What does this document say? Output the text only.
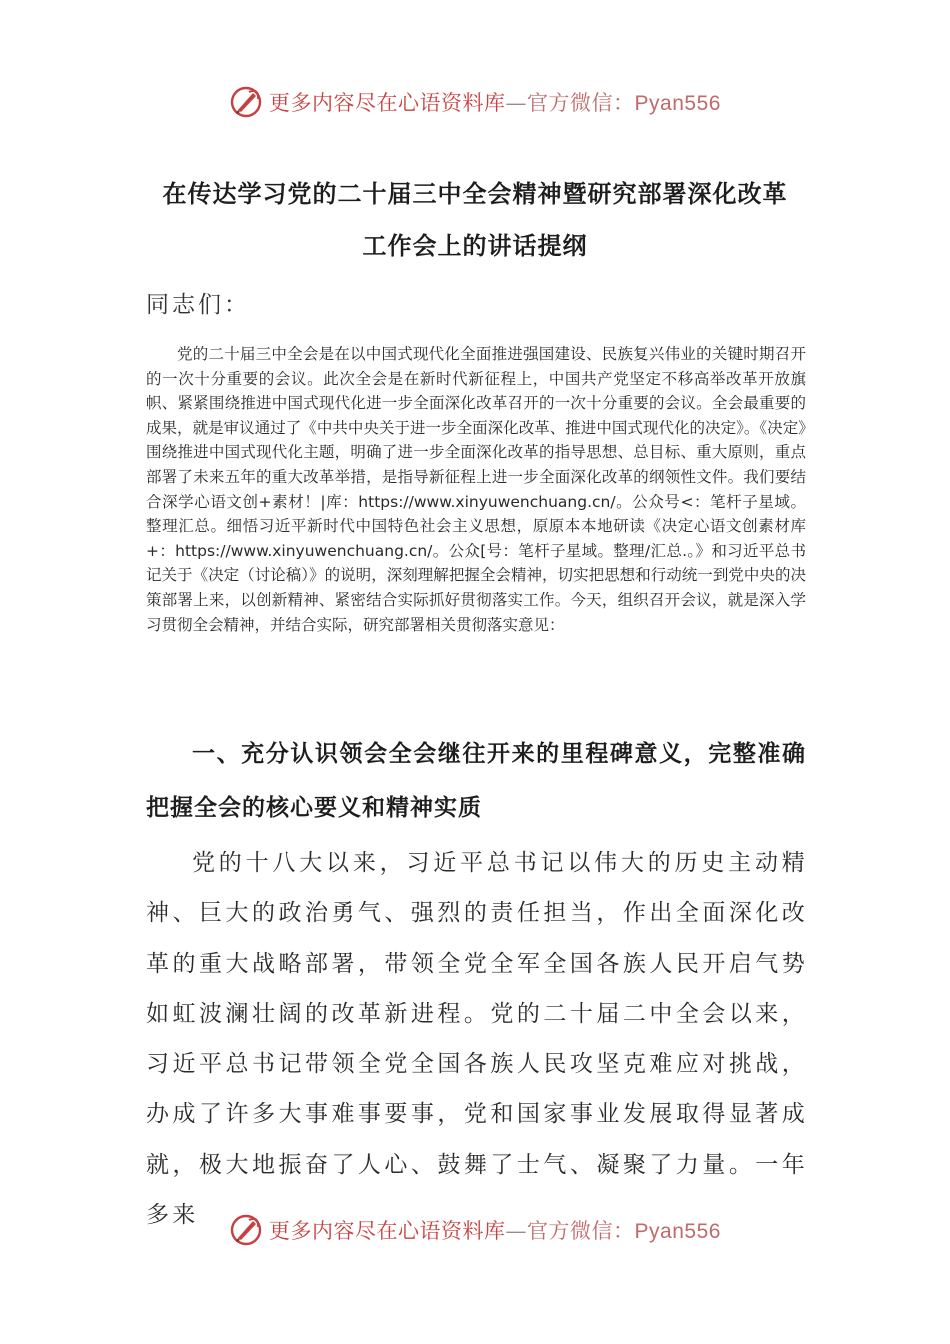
更多内容尽在心语资料库—官方微信：Pyan556
在传达学习党的二十届三中全会精神暨研究部署深化改革
工作会上的讲话提纲
同志们：

党的二十届三中全会是在以中国式现代化全面推进强国建设、民族复兴伟业的关键时期召开的一次十分重要的会议。此次全会是在新时代新征程上，中国共产党坚定不移高举改革开放旗帜、紧紧围绕推进中国式现代化进一步全面深化改革召开的一次十分重要的会议。全会最重要的成果，就是审议通过了《中共中央关于进一步全面深化改革、推进中国式现代化的决定》。《决定》围绕推进中国式现代化主题，明确了进一步全面深化改革的指导思想、总目标、重大原则，重点部署了未来五年的重大改革举措，是指导新征程上进一步全面深化改革的纲领性文件。我们要结合深学心语文创+素材！|库：https://www.xinyuwenchuang.cn/。公众号<：笔杆子星域。整理汇总。细悟习近平新时代中国特色社会主义思想，原原本本地研读《决定心语文创素材库+：https://www.xinyuwenchuang.cn/。公众[号：笔杆子星域。整理/汇总.。》和习近平总书记关于《决定（讨论稿）》的说明，深刻理解把握全会精神，切实把思想和行动统一到党中央的决策部署上来，以创新精神、紧密结合实际抓好贯彻落实工作。今天，组织召开会议，就是深入学习贯彻全会精神，并结合实际，研究部署相关贯彻落实意见：

一、充分认识领会全会继往开来的里程碑意义，完整准确把握全会的核心要义和精神实质

党的十八大以来，习近平总书记以伟大的历史主动精神、巨大的政治勇气、强烈的责任担当，作出全面深化改革的重大战略部署，带领全党全军全国各族人民开启气势如虹波澜壮阔的改革新进程。党的二十届二中全会以来，习近平总书记带领全党全国各族人民攻坚克难应对挑战，办成了许多大事难事要事，党和国家事业发展取得显著成就，极大地振奋了人心、鼓舞了士气、凝聚了力量。一年多来

更多内容尽在心语资料库—官方微信：Pyan556
